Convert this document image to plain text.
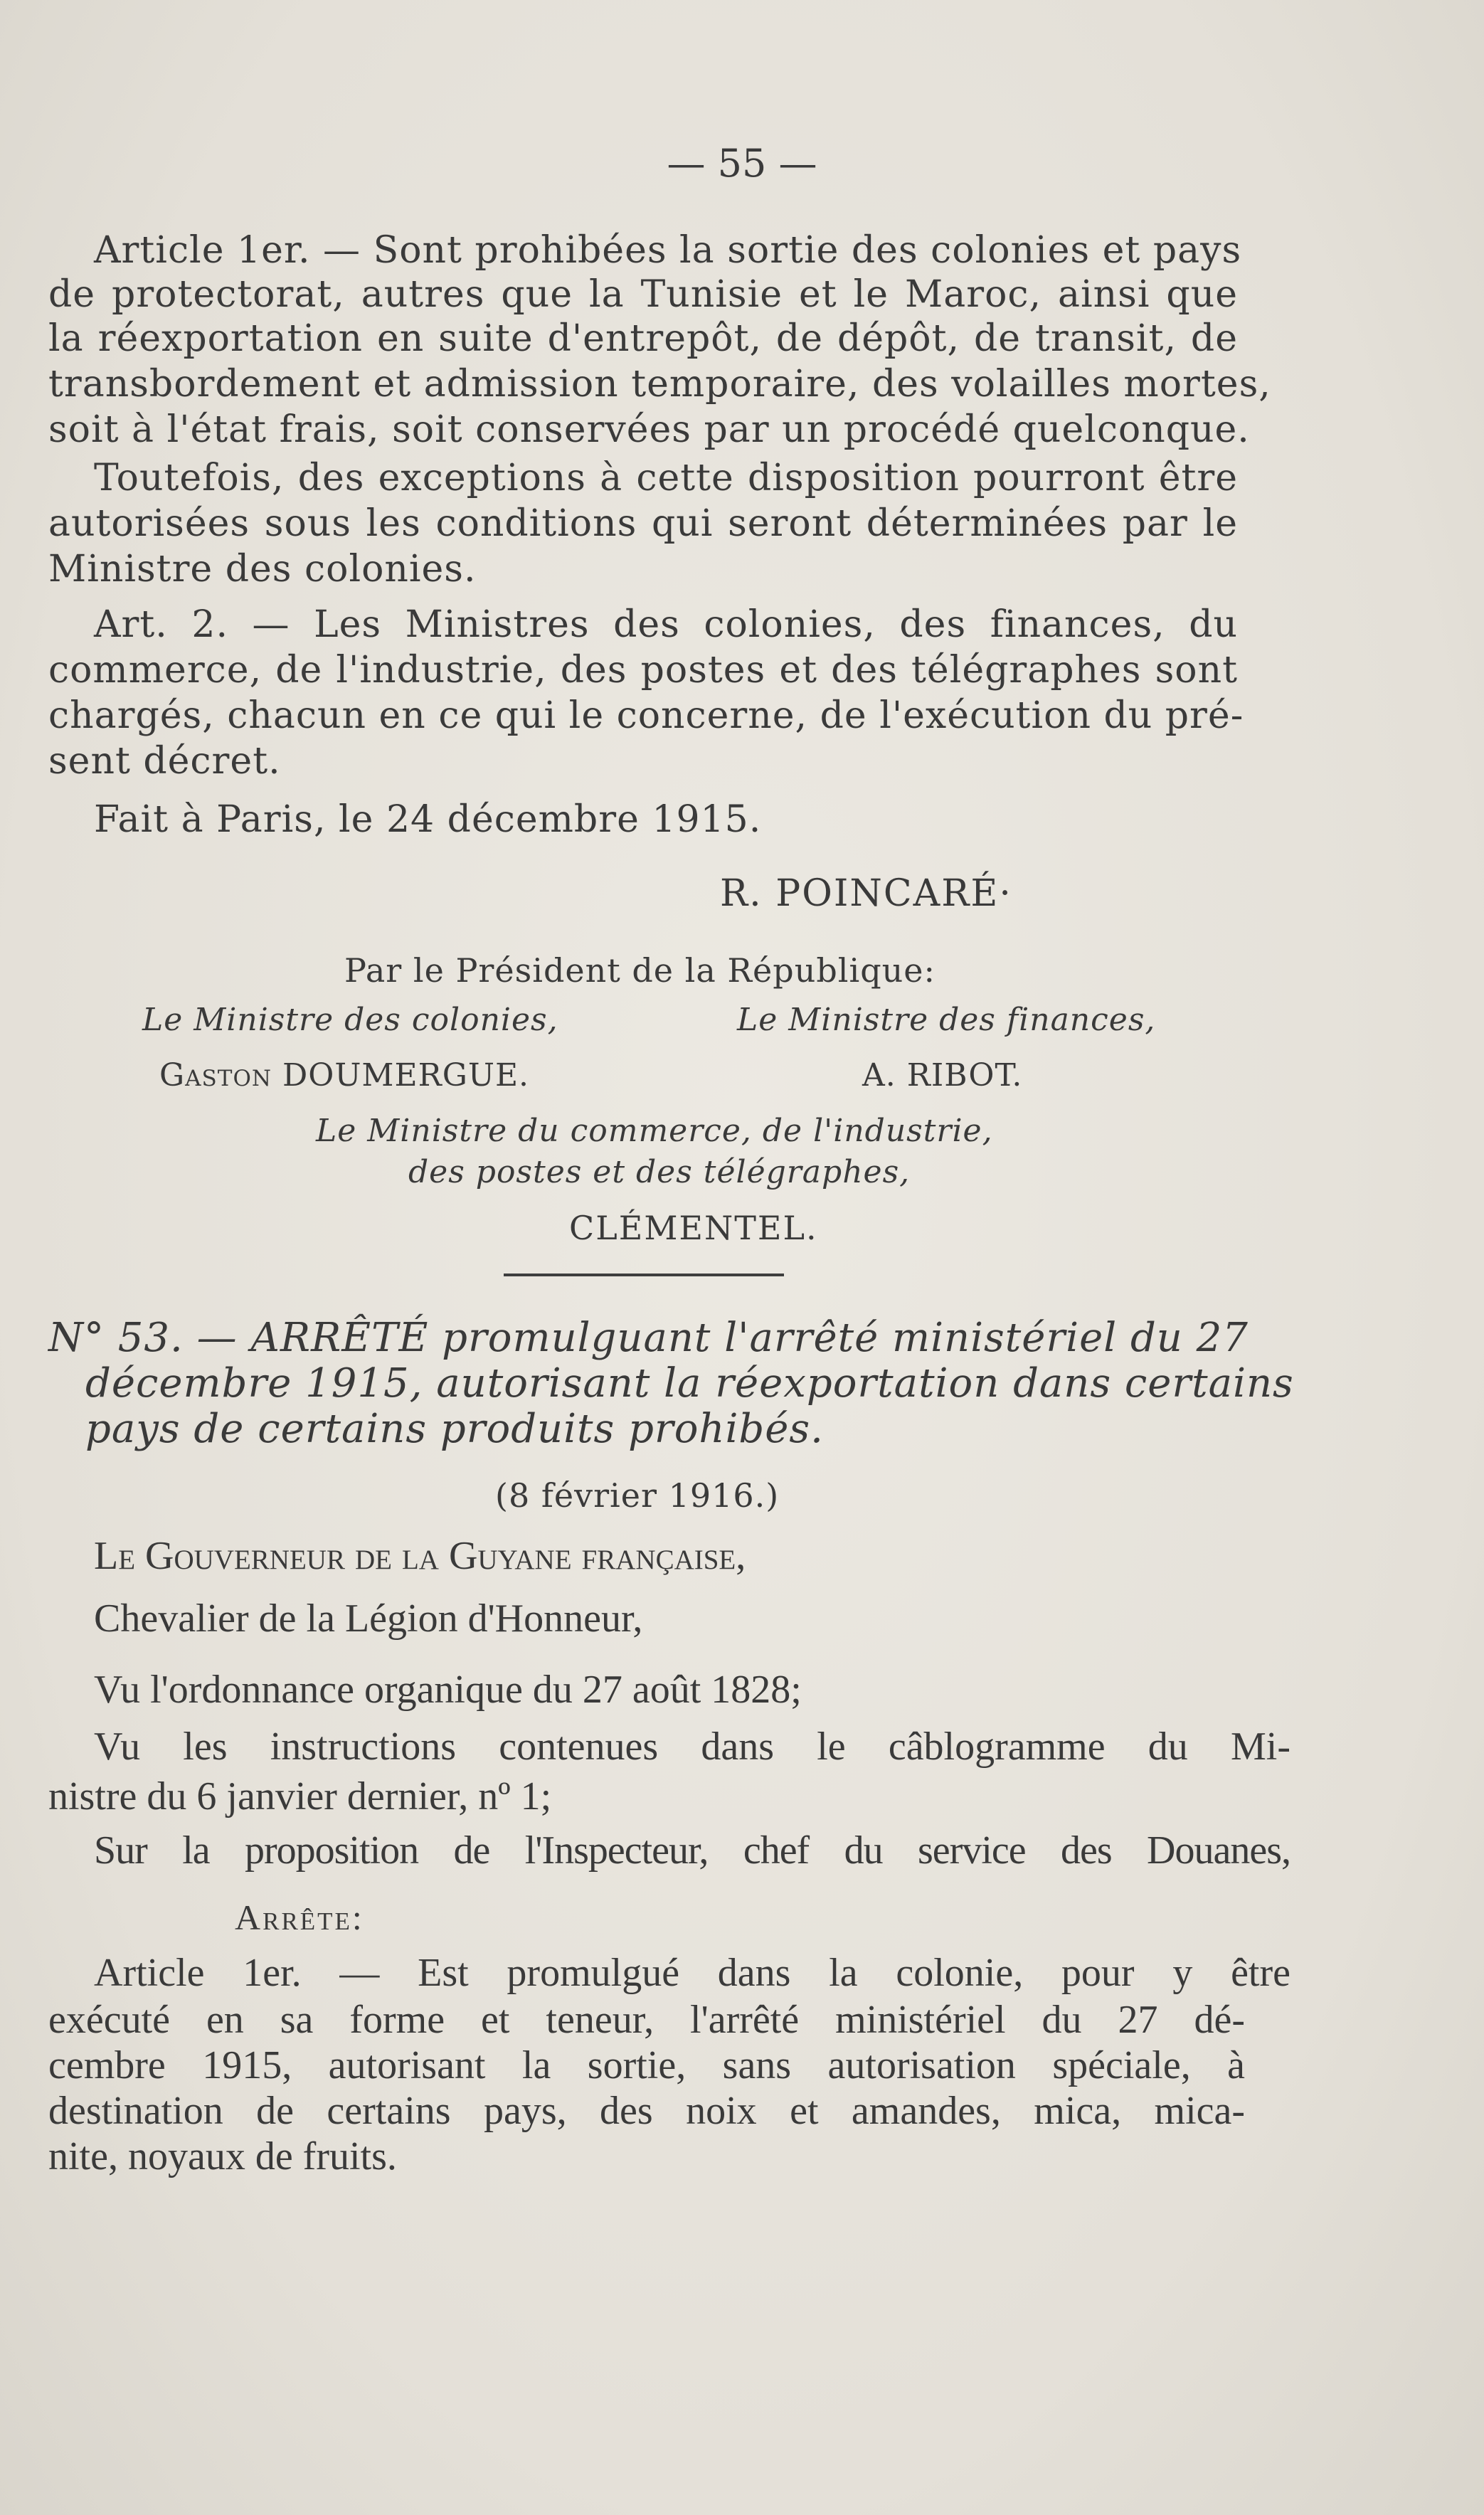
— 55 —
Article 1er. — Sont prohibées la sortie des colonies et pays
de protectorat, autres que la Tunisie et le Maroc, ainsi que
la réexportation en suite d'entrepôt, de dépôt, de transit, de
transbordement et admission temporaire, des volailles mortes,
soit à l'état frais, soit conservées par un procédé quelconque.
Toutefois, des exceptions à cette disposition pourront être
autorisées sous les conditions qui seront déterminées par le
Ministre des colonies.
Art. 2. — Les Ministres des colonies, des finances, du
commerce, de l'industrie, des postes et des télégraphes sont
chargés, chacun en ce qui le concerne, de l'exécution du pré-
sent décret.
Fait à Paris, le 24 décembre 1915.
R. POINCARÉ·
Par le Président de la République:
Le Ministre des colonies,	Le Ministre des finances,
Gaston DOUMERGUE.	A. RIBOT.
Le Ministre du commerce, de l'industrie,
des postes et des télégraphes,
CLÉMENTEL.
N° 53. — ARRÊTÉ promulguant l'arrêté ministériel du 27
décembre 1915, autorisant la réexportation dans certains
pays de certains produits prohibés.
(8 février 1916.)
Le Gouverneur de la Guyane française,
Chevalier de la Légion d'Honneur,
Vu l'ordonnance organique du 27 août 1828;
Vu les instructions contenues dans le câblogramme du Mi-
nistre du 6 janvier dernier, nº 1;
Sur la proposition de l'Inspecteur, chef du service des Douanes,
Arrête:
Article 1er. — Est promulgué dans la colonie, pour y être
exécuté en sa forme et teneur, l'arrêté ministériel du 27 dé-
cembre 1915, autorisant la sortie, sans autorisation spéciale, à
destination de certains pays, des noix et amandes, mica, mica-
nite, noyaux de fruits.
